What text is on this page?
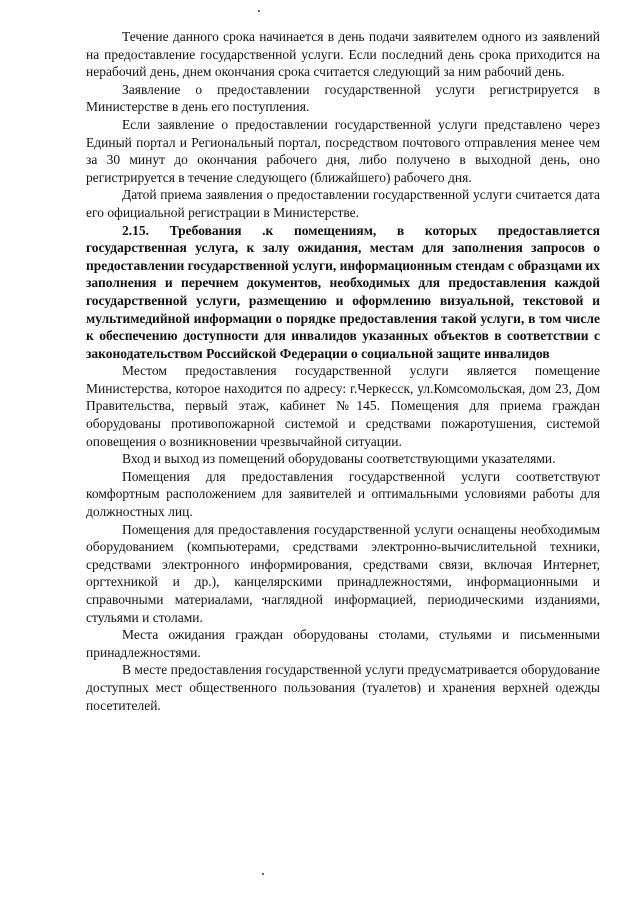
Течение данного срока начинается в день подачи заявителем одного из заявлений на предоставление государственной услуги. Если последний день срока приходится на нерабочий день, днем окончания срока считается следующий за ним рабочий день.

Заявление о предоставлении государственной услуги регистрируется в Министерстве в день его поступления.

Если заявление о предоставлении государственной услуги представлено через Единый портал и Региональный портал, посредством почтового отправления менее чем за 30 минут до окончания рабочего дня, либо получено в выходной день, оно регистрируется в течение следующего (ближайшего) рабочего дня.

Датой приема заявления о предоставлении государственной услуги считается дата его официальной регистрации в Министерстве.

2.15. Требования .к помещениям, в которых предоставляется государственная услуга, к залу ожидания, местам для заполнения запросов о предоставлении государственной услуги, информационным стендам с образцами их заполнения и перечнем документов, необходимых для предоставления каждой государственной услуги, размещению и оформлению визуальной, текстовой и мультимедийной информации о порядке предоставления такой услуги, в том числе к обеспечению доступности для инвалидов указанных объектов в соответствии с законодательством Российской Федерации о социальной защите инвалидов

Местом предоставления государственной услуги является помещение Министерства, которое находится по адресу: г.Черкесск, ул.Комсомольская, дом 23, Дом Правительства, первый этаж, кабинет №145. Помещения для приема граждан оборудованы противопожарной системой и средствами пожаротушения, системой оповещения о возникновении чрезвычайной ситуации.

Вход и выход из помещений оборудованы соответствующими указателями.

Помещения для предоставления государственной услуги соответствуют комфортным расположением для заявителей и оптимальными условиями работы для должностных лиц.

Помещения для предоставления государственной услуги оснащены необходимым оборудованием (компьютерами, средствами электронно-вычислительной техники, средствами электронного информирования, средствами связи, включая Интернет, оргтехникой и др.), канцелярскими принадлежностями, информационными и справочными материалами, наглядной информацией, периодическими изданиями, стульями и столами.

Места ожидания граждан оборудованы столами, стульями и письменными принадлежностями.

В месте предоставления государственной услуги предусматривается оборудование доступных мест общественного пользования (туалетов) и хранения верхней одежды посетителей.
